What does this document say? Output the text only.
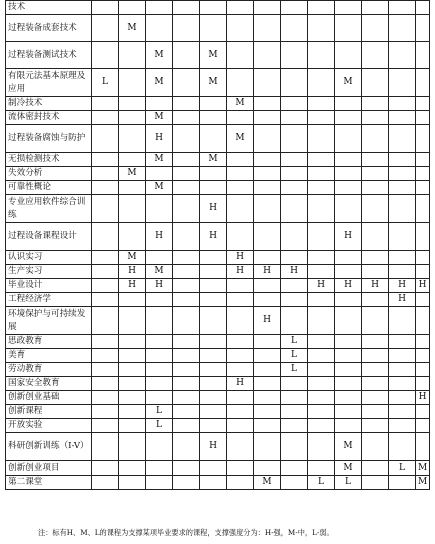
技术													
过程装备成套技术		M											
过程装备测试技术			M		M								
有限元法基本原理及应用	L		M		M					M			
制冷技术						M							
流体密封技术			M										
过程装备腐蚀与防护			H			M							
无损检测技术			M		M								
失效分析		M											
可靠性概论			M										
专业应用软件综合训练					H								
过程设备课程设计			H		H					H			
认识实习		M				H							
生产实习		H	M			H	H	H					
毕业设计		H	H						H	H	H	H	H
工程经济学												H	
环境保护与可持续发展							H						
思政教育								L					
美育								L					
劳动教育								L					
国家安全教育						H							
创新创业基础													H
创新课程			L										
开放实验			L										
科研创新训练（I-V）					H					M			
创新创业项目										M		L	M
第二课堂							M		L	L			M
注：标有H、M、L的课程为支撑某项毕业要求的课程，支撑强度分为：H-强，M-中，L-弱。
